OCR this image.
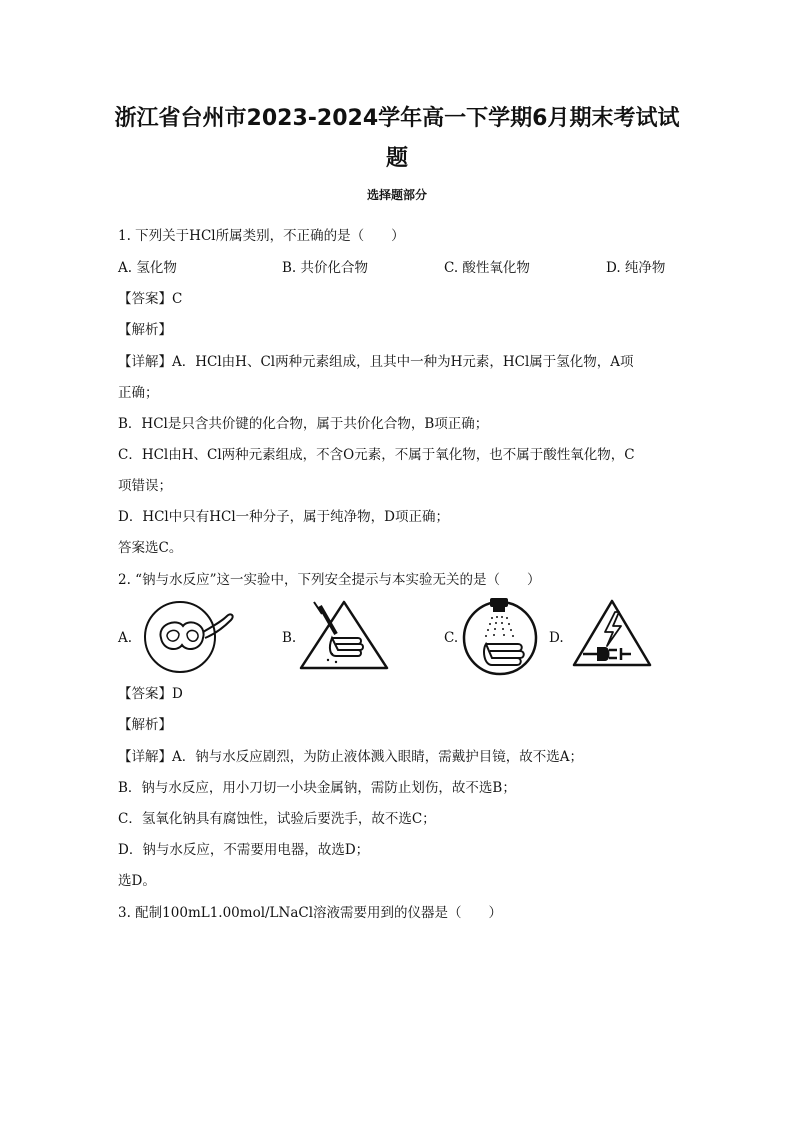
浙江省台州市2023-2024学年高一下学期6月期末考试试
题
选择题部分
1. 下列关于HCl所属类别，不正确的是（　　）
A. 氢化物	B. 共价化合物	C. 酸性氧化物	D. 纯净物
【答案】C
【解析】
【详解】A．HCl由H、Cl两种元素组成，且其中一种为H元素，HCl属于氢化物，A项
正确；
B．HCl是只含共价键的化合物，属于共价化合物，B项正确；
C．HCl由H、Cl两种元素组成，不含O元素，不属于氧化物，也不属于酸性氧化物，C
项错误；
D．HCl中只有HCl一种分子，属于纯净物，D项正确；
答案选C。
2. “钠与水反应”这一实验中，下列安全提示与本实验无关的是（　　）
A.	B.	C.	D.
【答案】D
【解析】
【详解】A．钠与水反应剧烈，为防止液体溅入眼睛，需戴护目镜，故不选A；
B．钠与水反应，用小刀切一小块金属钠，需防止划伤，故不选B；
C．氢氧化钠具有腐蚀性，试验后要洗手，故不选C；
D．钠与水反应，不需要用电器，故选D；
选D。
3. 配制100mL1.00mol/LNaCl溶液需要用到的仪器是（　　）
